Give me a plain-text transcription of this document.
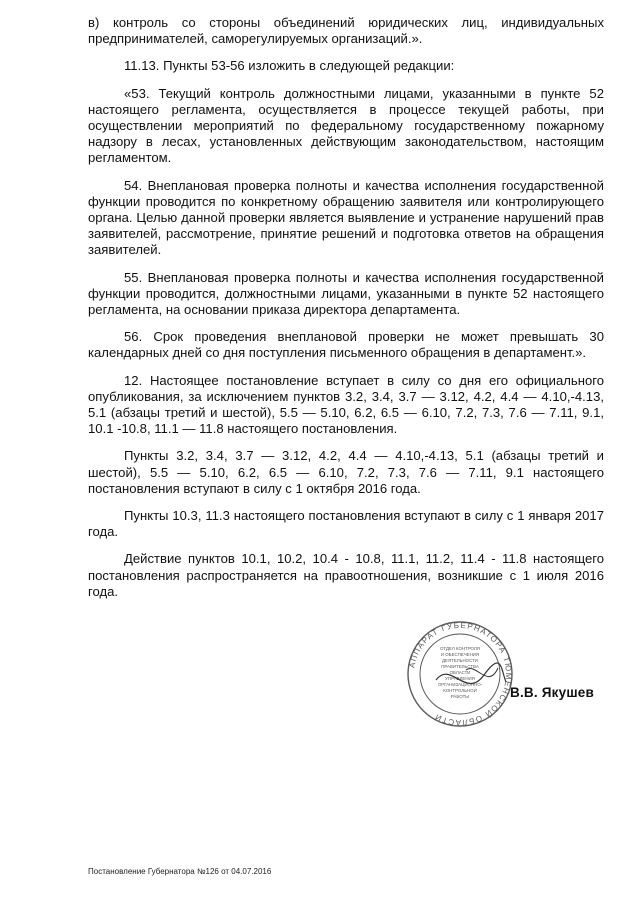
в) контроль со стороны объединений юридических лиц, индивидуальных предпринимателей, саморегулируемых организаций.».

11.13. Пункты 53-56 изложить в следующей редакции:

«53. Текущий контроль должностными лицами, указанными в пункте 52 настоящего регламента, осуществляется в процессе текущей работы, при осуществлении мероприятий по федеральному государственному пожарному надзору в лесах, установленных действующим законодательством, настоящим регламентом.

54. Внеплановая проверка полноты и качества исполнения государственной функции проводится по конкретному обращению заявителя или контролирующего органа. Целью данной проверки является выявление и устранение нарушений прав заявителей, рассмотрение, принятие решений и подготовка ответов на обращения заявителей.

55. Внеплановая проверка полноты и качества исполнения государственной функции проводится, должностными лицами, указанными в пункте 52 настоящего регламента, на основании приказа директора департамента.

56. Срок проведения внеплановой проверки не может превышать 30 календарных дней со дня поступления письменного обращения в департамент.».

12. Настоящее постановление вступает в силу со дня его официального опубликования, за исключением пунктов 3.2, 3.4, 3.7 — 3.12, 4.2, 4.4 — 4.10,-4.13, 5.1 (абзацы третий и шестой), 5.5 — 5.10, 6.2, 6.5 — 6.10, 7.2, 7.3, 7.6 — 7.11, 9.1, 10.1 -10.8, 11.1 — 11.8 настоящего постановления.

Пункты 3.2, 3.4, 3.7 — 3.12, 4.2, 4.4 — 4.10,-4.13, 5.1 (абзацы третий и шестой), 5.5 — 5.10, 6.2, 6.5 — 6.10, 7.2, 7.3, 7.6 — 7.11, 9.1 настоящего постановления вступают в силу с 1 октября 2016 года.

Пункты 10.3, 11.3 настоящего постановления вступают в силу с 1 января 2017 года.

Действие пунктов 10.1, 10.2, 10.4 - 10.8, 11.1, 11.2, 11.4 - 11.8 настоящего постановления распространяется на правоотношения, возникшие с 1 июля 2016 года.

АППАРАТ ГУБЕРНАТОРА ТЮМЕНСКОЙ ОБЛАСТИ
ОТДЕЛ КОНТРОЛЯ
И ОБЕСПЕЧЕНИЯ
ДЕЯТЕЛЬНОСТИ
ПРАВИТЕЛЬСТВА
ОБЛАСТИ
УПРАВЛЕНИЯ
ОРГАНИЗАЦИОННО-
КОНТРОЛЬНОЙ
РАБОТЫ	В.В. Якушев
Постановление Губернатора №126 от 04.07.2016
